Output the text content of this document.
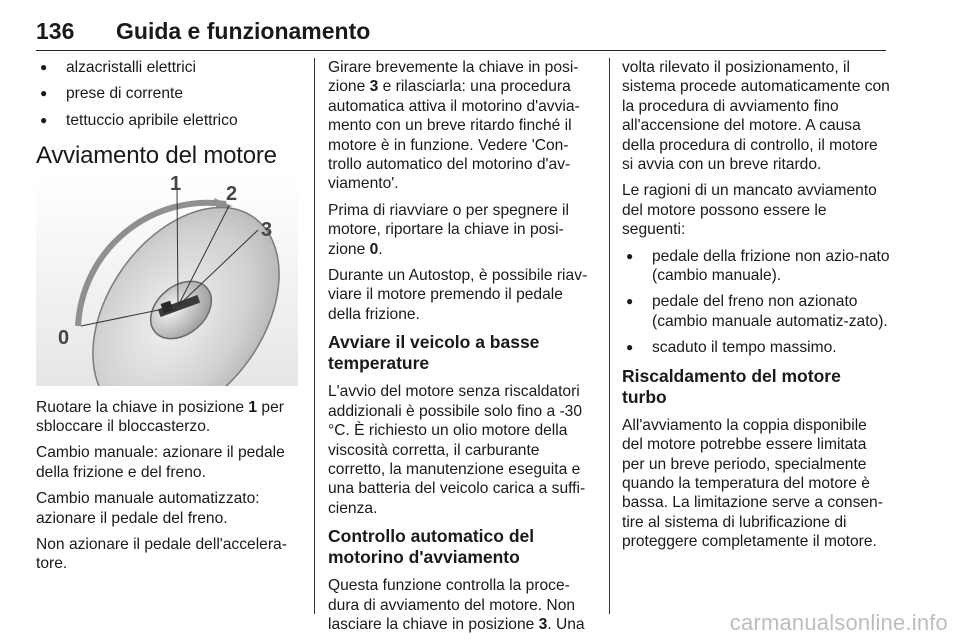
136 Guida e funzionamento
● alzacristalli elettrici
● prese di corrente
● tettuccio apribile elettrico
Avviamento del motore
0
1 2
3

Ruotare la chiave in posizione 1 per sbloccare il bloccasterzo.

Cambio manuale: azionare il pedale della frizione e del freno.

Cambio manuale automatizzato: azionare il pedale del freno.

Non azionare il pedale dell'accelera-tore.

Girare brevemente la chiave in posi-zione 3 e rilasciarla: una procedura automatica attiva il motorino d'avvia-mento con un breve ritardo finché il motore è in funzione. Vedere 'Con-trollo automatico del motorino d'av-viamento'.

Prima di riavviare o per spegnere il motore, riportare la chiave in posi-zione 0.

Durante un Autostop, è possibile riav-viare il motore premendo il pedale della frizione.

Avviare il veicolo a basse temperature

L'avvio del motore senza riscaldatori addizionali è possibile solo fino a -30 °C. È richiesto un olio motore della viscosità corretta, il carburante corretto, la manutenzione eseguita e una batteria del veicolo carica a suffi-cienza.

Controllo automatico del motorino d'avviamento

Questa funzione controlla la proce-dura di avviamento del motore. Non lasciare la chiave in posizione 3. Una

volta rilevato il posizionamento, il sistema procede automaticamente con la procedura di avviamento fino all'accensione del motore. A causa della procedura di controllo, il motore si avvia con un breve ritardo.

Le ragioni di un mancato avviamento del motore possono essere le seguenti:

● pedale della frizione non azio-nato (cambio manuale).
● pedale del freno non azionato (cambio manuale automatiz-zato).
● scaduto il tempo massimo.
Riscaldamento del motore turbo

All'avviamento la coppia disponibile del motore potrebbe essere limitata per un breve periodo, specialmente quando la temperatura del motore è bassa. La limitazione serve a consen-tire al sistema di lubrificazione di proteggere completamente il motore.

carmanualsonline.info
